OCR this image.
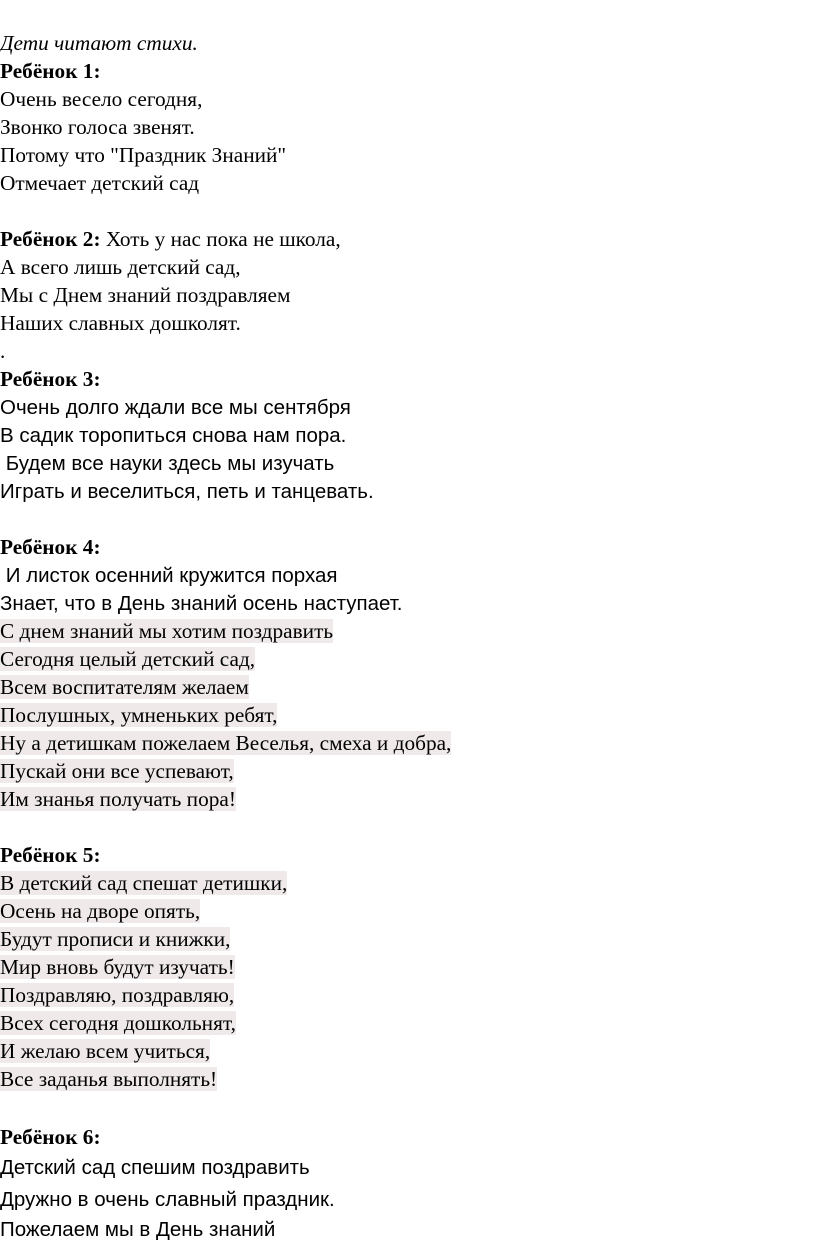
Дети читают стихи.
Ребёнок 1:
Очень весело сегодня,
Звонко голоса звенят.
Потому что "Праздник Знаний"
Отмечает детский сад
Ребёнок 2: Хоть у нас пока не школа,
А всего лишь детский сад,
Мы с Днем знаний поздравляем
Наших славных дошколят.
.
Ребёнок 3:
Очень долго ждали все мы сентября
В садик торопиться снова нам пора.
Будем все науки здесь мы изучать
Играть и веселиться, петь и танцевать.
Ребёнок 4:
И листок осенний кружится порхая
Знает, что в День знаний осень наступает.
С днем знаний мы хотим поздравить
Сегодня целый детский сад,
Всем воспитателям желаем
Послушных, умненьких ребят,
Ну а детишкам пожелаем Веселья, смеха и добра,
Пускай они все успевают,
Им знанья получать пора!
Ребёнок 5:
В детский сад спешат детишки,
Осень на дворе опять,
Будут прописи и книжки,
Мир вновь будут изучать!
Поздравляю, поздравляю,
Всех сегодня дошкольнят,
И желаю всем учиться,
Все заданья выполнять!
Ребёнок 6:
Детский сад спешим поздравить
Дружно в очень славный праздник.
Пожелаем мы в День знаний
